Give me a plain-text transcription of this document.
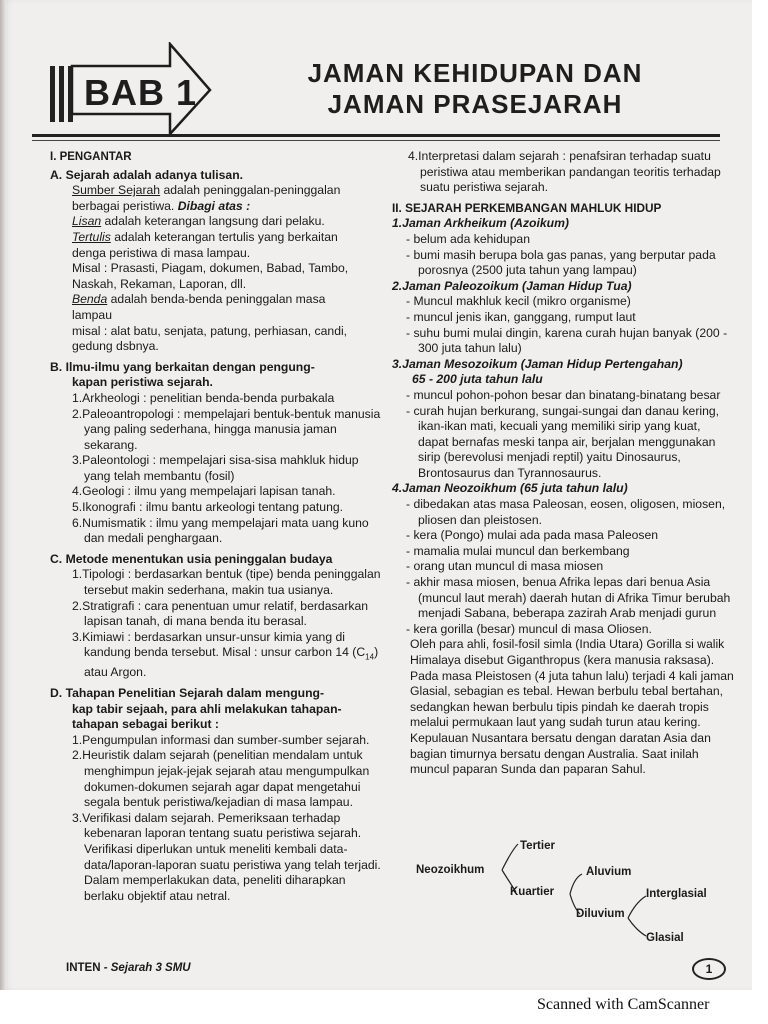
BAB 1	JAMAN KEHIDUPAN DAN
JAMAN PRASEJARAH

I. PENGANTAR

A. Sejarah adalah adanya tulisan.

Sumber Sejarah adalah peninggalan-peninggalan

berbagai peristiwa. Dibagi atas :

Lisan adalah keterangan langsung dari pelaku.

Tertulis adalah keterangan tertulis yang berkaitan

denga peristiwa di masa lampau.

Misal : Prasasti, Piagam, dokumen, Babad, Tambo,

Naskah, Rekaman, Laporan, dll.

Benda adalah benda-benda peninggalan masa

lampau

misal : alat batu, senjata, patung, perhiasan, candi,

gedung dsbnya.

B. Ilmu-ilmu yang berkaitan dengan pengung-

kapan peristiwa sejarah.

1.Arkheologi : penelitian benda-benda purbakala

2.Paleoantropologi : mempelajari bentuk-bentuk manusia yang paling sederhana, hingga manusia jaman sekarang.

3.Paleontologi : mempelajari sisa-sisa mahkluk hidup yang telah membantu (fosil)

4.Geologi : ilmu yang mempelajari lapisan tanah.

5.Ikonografi : ilmu bantu arkeologi tentang patung.

6.Numismatik : ilmu yang mempelajari mata uang kuno dan medali penghargaan.

C. Metode menentukan usia peninggalan budaya

1.Tipologi : berdasarkan bentuk (tipe) benda peninggalan tersebut makin sederhana, makin tua usianya.

2.Stratigrafi : cara penentuan umur relatif, berdasarkan lapisan tanah, di mana benda itu berasal.

3.Kimiawi : berdasarkan unsur-unsur kimia yang di kandung benda tersebut. Misal : unsur carbon 14 $(C_{14})$ atau Argon.

D. Tahapan Penelitian Sejarah dalam mengung-

kap tabir sejaah, para ahli melakukan tahapan-

tahapan sebagai berikut :

1.Pengumpulan informasi dan sumber-sumber sejarah.

2.Heuristik dalam sejarah (penelitian mendalam untuk menghimpun jejak-jejak sejarah atau mengumpulkan dokumen-dokumen sejarah agar dapat mengetahui segala bentuk peristiwa/kejadian di masa lampau.

3.Verifikasi dalam sejarah. Pemeriksaan terhadap kebenaran laporan tentang suatu peristiwa sejarah. Verifikasi diperlukan untuk meneliti kembali data-data/laporan-laporan suatu peristiwa yang telah terjadi. Dalam memperlakukan data, peneliti diharapkan berlaku objektif atau netral.

4.Interpretasi dalam sejarah : penafsiran terhadap suatu peristiwa atau memberikan pandangan teoritis terhadap suatu peristiwa sejarah.

II. SEJARAH PERKEMBANGAN MAHLUK HIDUP

1.Jaman Arkheikum (Azoikum)

- belum ada kehidupan

- bumi masih berupa bola gas panas, yang berputar pada porosnya (2500 juta tahun yang lampau)

2.Jaman Paleozoikum (Jaman Hidup Tua)

- Muncul makhluk kecil (mikro organisme)

- muncul jenis ikan, ganggang, rumput laut

- suhu bumi mulai dingin, karena curah hujan banyak (200 - 300 juta tahun lalu)

3.Jaman Mesozoikum (Jaman Hidup Pertengahan)

65 - 200 juta tahun lalu

- muncul pohon-pohon besar dan binatang-binatang besar

- curah hujan berkurang, sungai-sungai dan danau kering, ikan-ikan mati, kecuali yang memiliki sirip yang kuat, dapat bernafas meski tanpa air, berjalan menggunakan sirip (berevolusi menjadi reptil) yaitu Dinosaurus, Brontosaurus dan Tyrannosaurus.

4.Jaman Neozoikhum (65 juta tahun lalu)

- dibedakan atas masa Paleosan, eosen, oligosen, miosen, pliosen dan pleistosen.

- kera (Pongo) mulai ada pada masa Paleosen

- mamalia mulai muncul dan berkembang

- orang utan muncul di masa miosen

- akhir masa miosen, benua Afrika lepas dari benua Asia (muncul laut merah) daerah hutan di Afrika Timur berubah menjadi Sabana, beberapa zazirah Arab menjadi gurun

- kera gorilla (besar) muncul di masa Oliosen.

Oleh para ahli, fosil-fosil simla (India Utara) Gorilla si walik Himalaya disebut Giganthropus (kera manusia raksasa). Pada masa Pleistosen (4 juta tahun lalu) terjadi 4 kali jaman Glasial, sebagian es tebal. Hewan berbulu tebal bertahan, sedangkan hewan berbulu tipis pindah ke daerah tropis melalui permukaan laut yang sudah turun atau kering. Kepulauan Nusantara bersatu dengan daratan Asia dan bagian timurnya bersatu dengan Australia. Saat inilah muncul paparan Sunda dan paparan Sahul.

Neozoikhum
Tertier
Kuartier
Aluvium
Diluvium
Interglasial
Glasial
INTEN - Sejarah 3 SMU	1
Scanned with CamScanner
